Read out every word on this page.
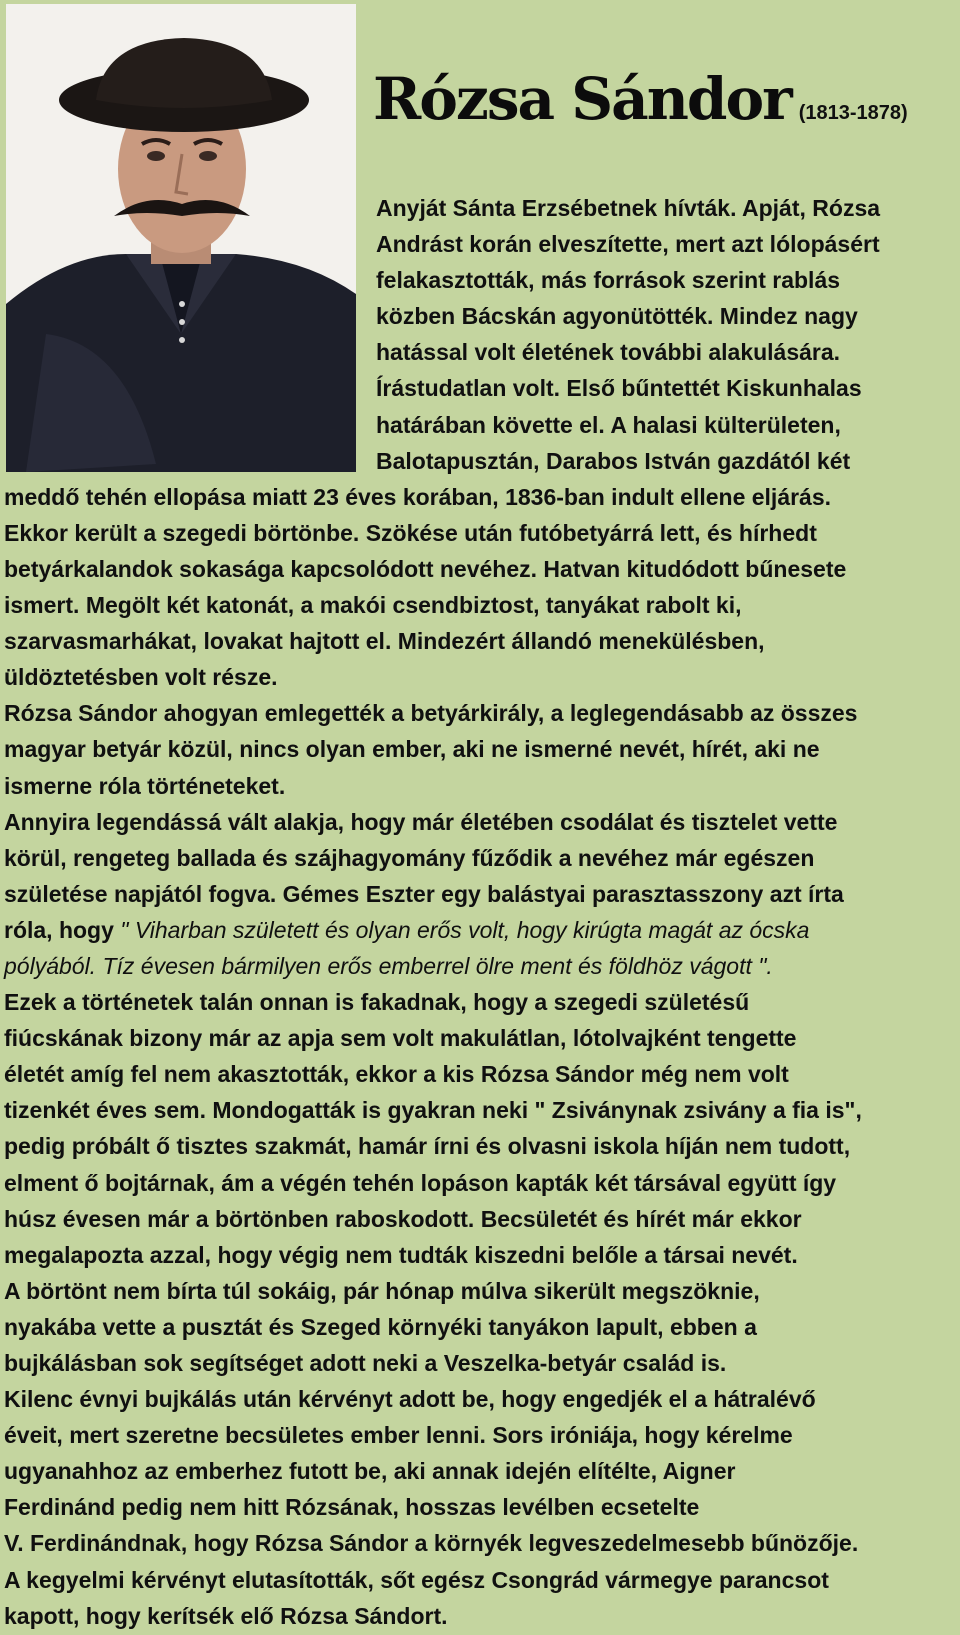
Rózsa Sándor (1813-1878)
Anyját Sánta Erzsébetnek hívták. Apját, Rózsa
Andrást korán elveszítette, mert azt lólopásért
felakasztották, más források szerint rablás
közben Bácskán agyonütötték. Mindez nagy
hatással volt életének további alakulására.
Írástudatlan volt. Első bűntettét Kiskunhalas
határában követte el. A halasi külterületen,
Balotapusztán, Darabos István gazdától két
meddő tehén ellopása miatt 23 éves korában, 1836-ban indult ellene eljárás.
Ekkor került a szegedi börtönbe. Szökése után futóbetyárrá lett, és hírhedt
betyárkalandok sokasága kapcsolódott nevéhez. Hatvan kitudódott bűnesete
ismert. Megölt két katonát, a makói csendbiztost, tanyákat rabolt ki,
szarvasmarhákat, lovakat hajtott el. Mindezért állandó menekülésben,
üldöztetésben volt része.
Rózsa Sándor ahogyan emlegették a betyárkirály, a leglegendásabb az összes
magyar betyár közül, nincs olyan ember, aki ne ismerné nevét, hírét, aki ne
ismerne róla történeteket.
Annyira legendássá vált alakja, hogy már életében csodálat és tisztelet vette
körül, rengeteg ballada és szájhagyomány fűződik a nevéhez már egészen
születése napjától fogva. Gémes Eszter egy balástyai parasztasszony azt írta
róla, hogy " Viharban született és olyan erős volt, hogy kirúgta magát az ócska
pólyából. Tíz évesen bármilyen erős emberrel ölre ment és földhöz vágott ".
Ezek a történetek talán onnan is fakadnak, hogy a szegedi születésű
fiúcskának bizony már az apja sem volt makulátlan, lótolvajként tengette
életét amíg fel nem akasztották, ekkor a kis Rózsa Sándor még nem volt
tizenkét éves sem. Mondogatták is gyakran neki " Zsiványnak zsivány a fia is",
pedig próbált ő tisztes szakmát, hamár írni és olvasni iskola híján nem tudott,
elment ő bojtárnak, ám a végén tehén lopáson kapták két társával együtt így
húsz évesen már a börtönben raboskodott. Becsületét és hírét már ekkor
megalapozta azzal, hogy végig nem tudták kiszedni belőle a társai nevét.
A börtönt nem bírta túl sokáig, pár hónap múlva sikerült megszöknie,
nyakába vette a pusztát és Szeged környéki tanyákon lapult, ebben a
bujkálásban sok segítséget adott neki a Veszelka-betyár család is.
Kilenc évnyi bujkálás után kérvényt adott be, hogy engedjék el a hátralévő
éveit, mert szeretne becsületes ember lenni. Sors iróniája, hogy kérelme
ugyanahhoz az emberhez futott be, aki annak idején elítélte, Aigner
Ferdinánd pedig nem hitt Rózsának, hosszas levélben ecsetelte
V. Ferdinándnak, hogy Rózsa Sándor a környék legveszedelmesebb bűnözője.
A kegyelmi kérvényt elutasították, sőt egész Csongrád vármegye parancsot
kapott, hogy kerítsék elő Rózsa Sándort.
